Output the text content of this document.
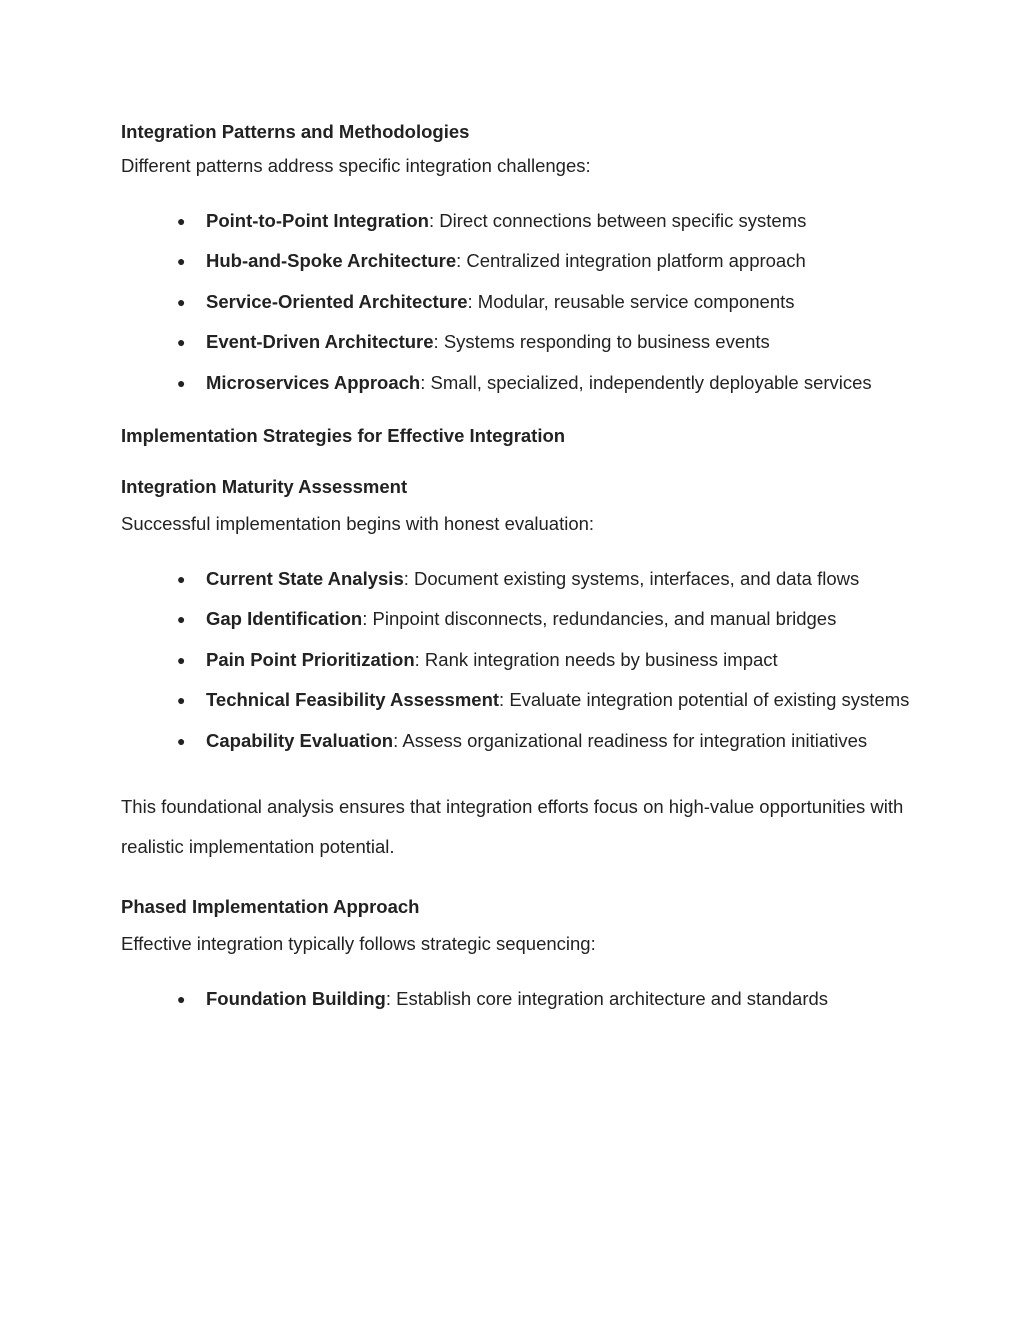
Integration Patterns and Methodologies
Different patterns address specific integration challenges:
● Point-to-Point Integration: Direct connections between specific systems
● Hub-and-Spoke Architecture: Centralized integration platform approach
● Service-Oriented Architecture: Modular, reusable service components
● Event-Driven Architecture: Systems responding to business events
● Microservices Approach: Small, specialized, independently deployable services
Implementation Strategies for Effective Integration
Integration Maturity Assessment
Successful implementation begins with honest evaluation:
● Current State Analysis: Document existing systems, interfaces, and data flows
● Gap Identification: Pinpoint disconnects, redundancies, and manual bridges
● Pain Point Prioritization: Rank integration needs by business impact
● Technical Feasibility Assessment: Evaluate integration potential of existing systems
● Capability Evaluation: Assess organizational readiness for integration initiatives

This foundational analysis ensures that integration efforts focus on high-value opportunities with realistic implementation potential.

Phased Implementation Approach
Effective integration typically follows strategic sequencing:
● Foundation Building: Establish core integration architecture and standards
